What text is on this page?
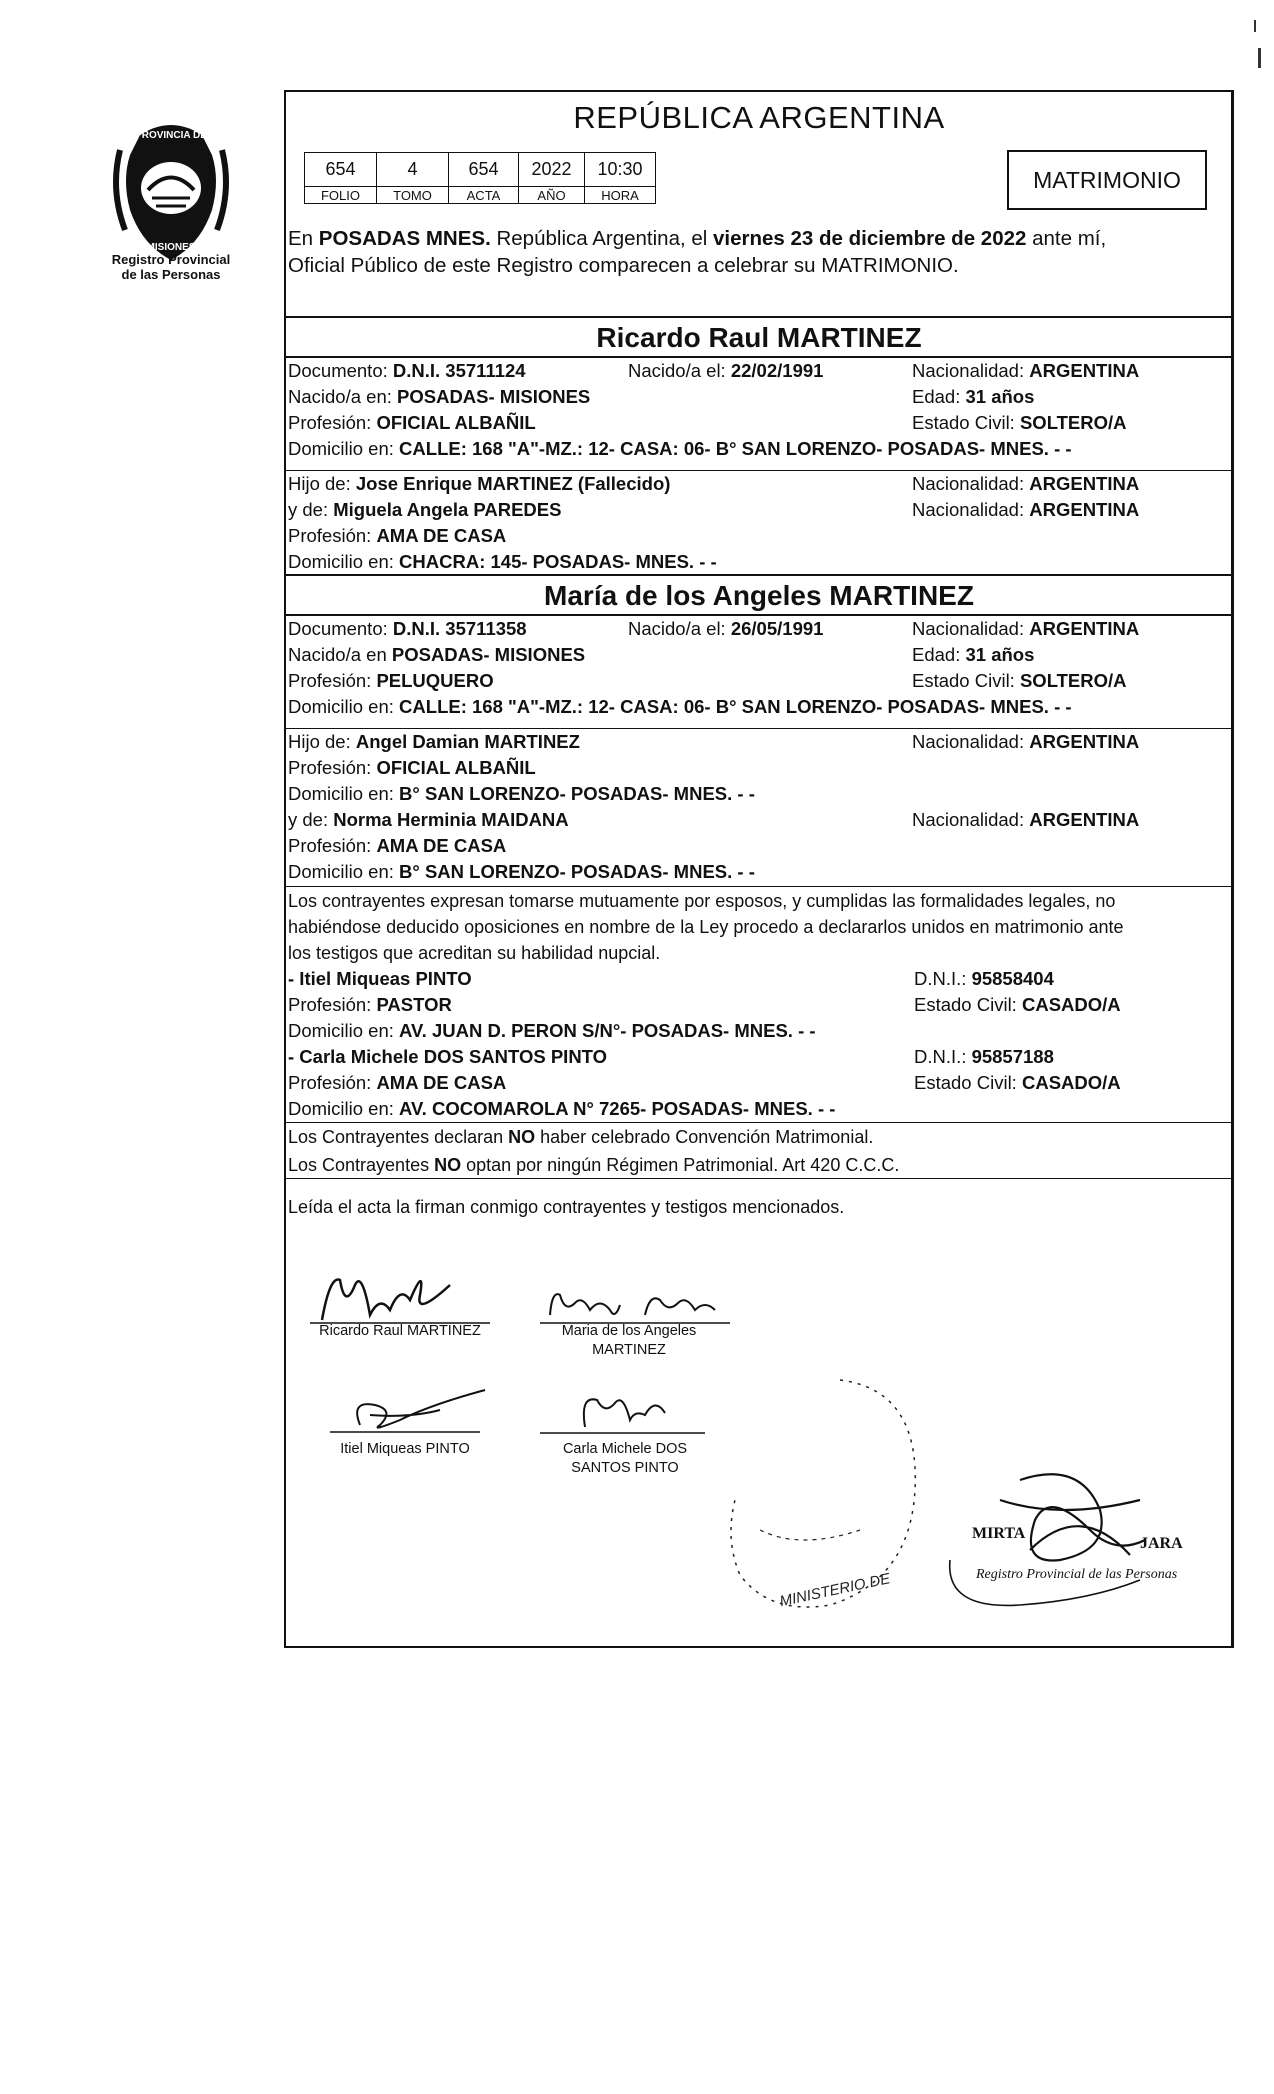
PROVINCIA DE
MISIONES
Registro Provincial
de las Personas
REPÚBLICA ARGENTINA
654	4	654	2022	10:30
FOLIO	TOMO	ACTA	AÑO	HORA
MATRIMONIO
En POSADAS MNES. República Argentina, el viernes 23 de diciembre de 2022 ante mí,
Oficial Público de este Registro comparecen a celebrar su MATRIMONIO.
Ricardo Raul MARTINEZ
Documento: D.N.I. 35711124	Nacido/a el: 22/02/1991	Nacionalidad: ARGENTINA
Nacido/a en: POSADAS- MISIONES	Edad: 31 años
Profesión: OFICIAL ALBAÑIL	Estado Civil: SOLTERO/A
Domicilio en: CALLE: 168 "A"-MZ.: 12- CASA: 06- B° SAN LORENZO- POSADAS- MNES. - -
Hijo de: Jose Enrique MARTINEZ (Fallecido)	Nacionalidad: ARGENTINA
y de: Miguela Angela PAREDES	Nacionalidad: ARGENTINA
Profesión: AMA DE CASA
Domicilio en: CHACRA: 145- POSADAS- MNES. - -
María de los Angeles MARTINEZ
Documento: D.N.I. 35711358	Nacido/a el: 26/05/1991	Nacionalidad: ARGENTINA
Nacido/a en POSADAS- MISIONES	Edad: 31 años
Profesión: PELUQUERO	Estado Civil: SOLTERO/A
Domicilio en: CALLE: 168 "A"-MZ.: 12- CASA: 06- B° SAN LORENZO- POSADAS- MNES. - -
Hijo de: Angel Damian MARTINEZ	Nacionalidad: ARGENTINA
Profesión: OFICIAL ALBAÑIL
Domicilio en: B° SAN LORENZO- POSADAS- MNES. - -
y de: Norma Herminia MAIDANA	Nacionalidad: ARGENTINA
Profesión: AMA DE CASA
Domicilio en: B° SAN LORENZO- POSADAS- MNES. - -
Los contrayentes expresan tomarse mutuamente por esposos, y cumplidas las formalidades legales, no
habiéndose deducido oposiciones en nombre de la Ley procedo a declararlos unidos en matrimonio ante
los testigos que acreditan su habilidad nupcial.
- Itiel Miqueas PINTO	D.N.I.: 95858404
Profesión: PASTOR	Estado Civil: CASADO/A
Domicilio en: AV. JUAN D. PERON S/N°- POSADAS- MNES. - -
- Carla Michele DOS SANTOS PINTO	D.N.I.: 95857188
Profesión: AMA DE CASA	Estado Civil: CASADO/A
Domicilio en: AV. COCOMAROLA N° 7265- POSADAS- MNES. - -
Los Contrayentes declaran NO haber celebrado Convención Matrimonial.
Los Contrayentes NO optan por ningún Régimen Patrimonial. Art 420 C.C.C.
Leída el acta la firman conmigo contrayentes y testigos mencionados.
Ricardo Raul MARTINEZ	Maria de los Angeles
MARTINEZ
Itiel Miqueas PINTO	Carla Michele DOS
SANTOS PINTO
MINISTERIO DE
MIRTA
JARA
Registro Provincial de las Personas
